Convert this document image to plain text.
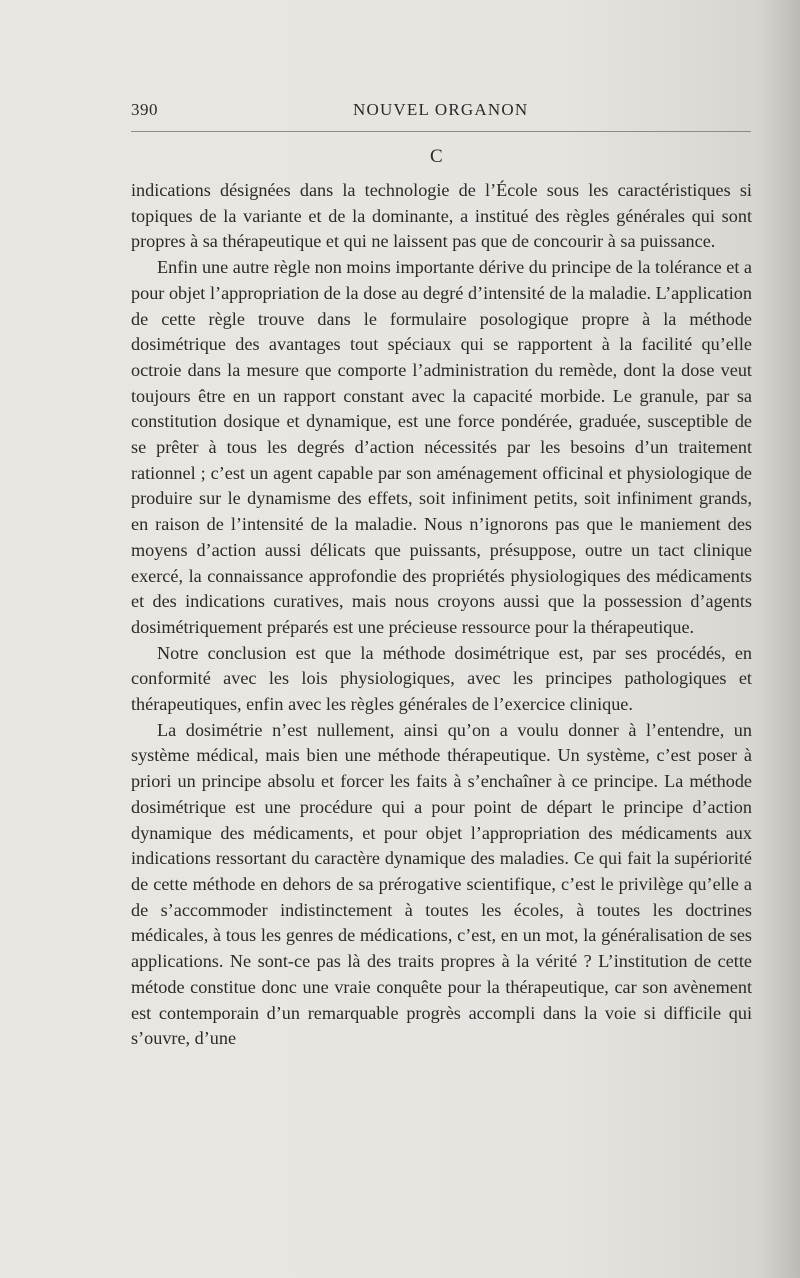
390	NOUVEL ORGANON
C

indications désignées dans la technologie de l’École sous les caractéristiques si topiques de la variante et de la dominante, a institué des règles générales qui sont propres à sa thérapeutique et qui ne laissent pas que de concourir à sa puissance.

Enfin une autre règle non moins importante dérive du principe de la tolérance et a pour objet l’appropriation de la dose au degré d’intensité de la maladie. L’application de cette règle trouve dans le formulaire posologique propre à la méthode dosimétrique des avantages tout spéciaux qui se rapportent à la facilité qu’elle octroie dans la mesure que comporte l’administration du remède, dont la dose veut toujours être en un rapport constant avec la capacité morbide. Le granule, par sa constitution dosique et dynamique, est une force pondérée, graduée, susceptible de se prêter à tous les degrés d’action nécessités par les besoins d’un traitement rationnel ; c’est un agent capable par son aménagement officinal et physiologique de produire sur le dynamisme des effets, soit infiniment petits, soit infiniment grands, en raison de l’intensité de la maladie. Nous n’ignorons pas que le maniement des moyens d’action aussi délicats que puissants, présuppose, outre un tact clinique exercé, la connaissance approfondie des propriétés physiologiques des médicaments et des indications curatives, mais nous croyons aussi que la possession d’agents dosimétriquement préparés est une précieuse ressource pour la thérapeutique.

Notre conclusion est que la méthode dosimétrique est, par ses procédés, en conformité avec les lois physiologiques, avec les principes pathologiques et thérapeutiques, enfin avec les règles générales de l’exercice clinique.

La dosimétrie n’est nullement, ainsi qu’on a voulu donner à l’entendre, un système médical, mais bien une méthode thérapeutique. Un système, c’est poser à priori un principe absolu et forcer les faits à s’enchaîner à ce principe. La méthode dosimétrique est une procédure qui a pour point de départ le principe d’action dynamique des médicaments, et pour objet l’appropriation des médicaments aux indications ressortant du caractère dynamique des maladies. Ce qui fait la supériorité de cette méthode en dehors de sa prérogative scientifique, c’est le privilège qu’elle a de s’accommoder indistinctement à toutes les écoles, à toutes les doctrines médicales, à tous les genres de médications, c’est, en un mot, la généralisation de ses applications. Ne sont-ce pas là des traits propres à la vérité ? L’institution de cette métode constitue donc une vraie conquête pour la thérapeutique, car son avènement est contemporain d’un remarquable progrès accompli dans la voie si difficile qui s’ouvre, d’une
